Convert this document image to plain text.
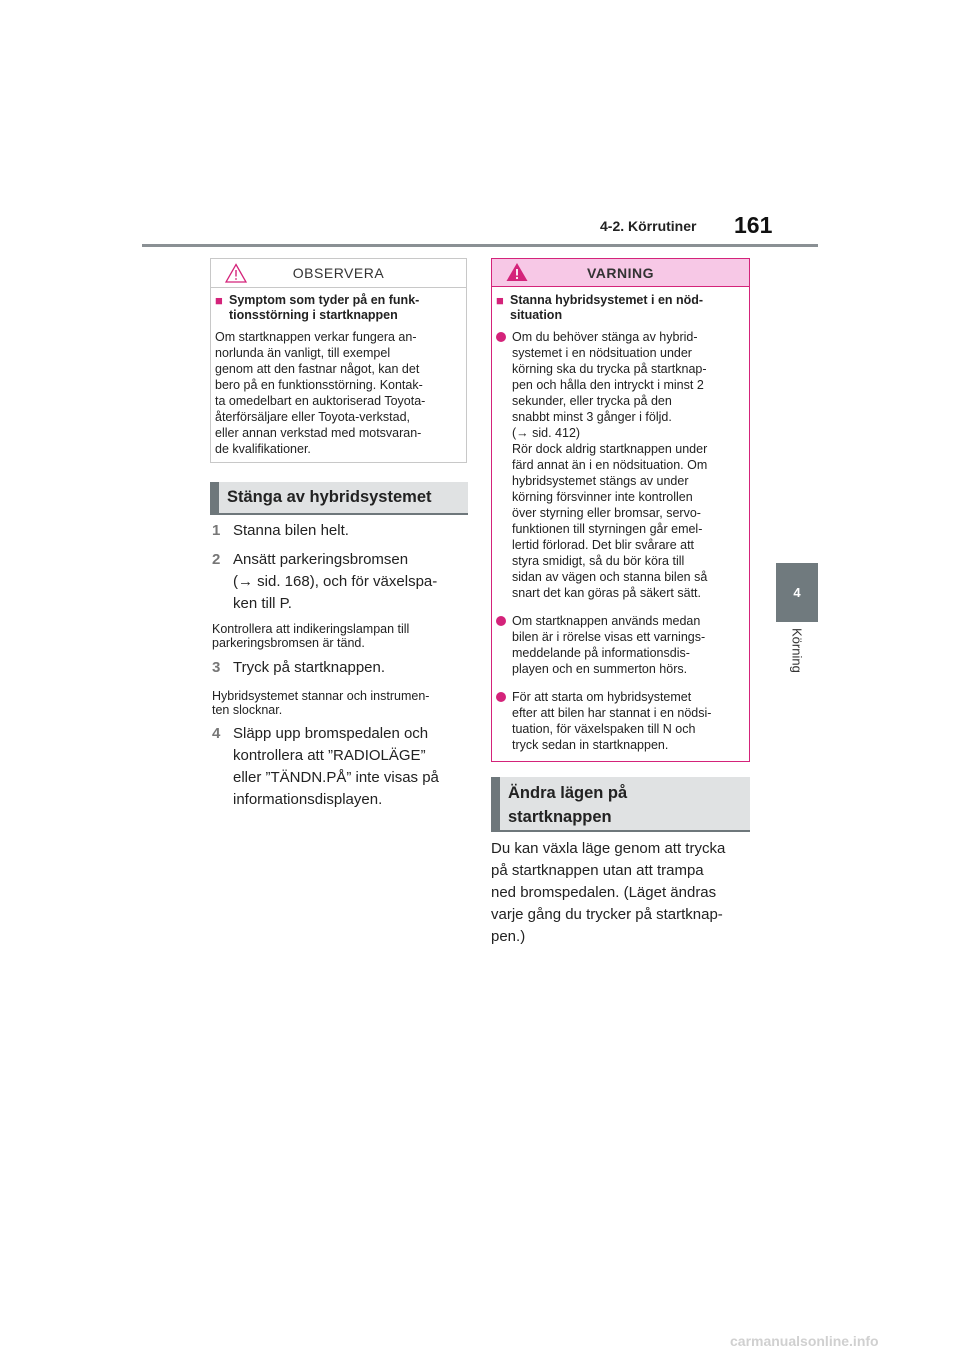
4-2. Körrutiner 161
4
Körning
OBSERVERA
■ Symptom som tyder på en funk-
tionsstörning i startknappen
Om startknappen verkar fungera an-
norlunda än vanligt, till exempel
genom att den fastnar något, kan det
bero på en funktionsstörning. Kontak-
ta omedelbart en auktoriserad Toyota-
återförsäljare eller Toyota-verkstad,
eller annan verkstad med motsvaran-
de kvalifikationer.
Stänga av hybridsystemet
1 Stanna bilen helt.
2 Ansätt parkeringsbromsen
(→ sid. 168), och för växelspa-
ken till P.
Kontrollera att indikeringslampan till
parkeringsbromsen är tänd.
3 Tryck på startknappen.
Hybridsystemet stannar och instrumen-
ten slocknar.
4 Släpp upp bromspedalen och
kontrollera att ”RADIOLÄGE”
eller ”TÄNDN.PÅ” inte visas på
informationsdisplayen.
VARNING
■ Stanna hybridsystemet i en nöd-
situation
Om du behöver stänga av hybrid-
systemet i en nödsituation under
körning ska du trycka på startknap-
pen och hålla den intryckt i minst 2
sekunder, eller trycka på den
snabbt minst 3 gånger i följd.
(→ sid. 412)
Rör dock aldrig startknappen under
färd annat än i en nödsituation. Om
hybridsystemet stängs av under
körning försvinner inte kontrollen
över styrning eller bromsar, servo-
funktionen till styrningen går emel-
lertid förlorad. Det blir svårare att
styra smidigt, så du bör köra till
sidan av vägen och stanna bilen så
snart det kan göras på säkert sätt.
Om startknappen används medan
bilen är i rörelse visas ett varnings-
meddelande på informationsdis-
playen och en summerton hörs.
För att starta om hybridsystemet
efter att bilen har stannat i en nödsi-
tuation, för växelspaken till N och
tryck sedan in startknappen.
Ändra lägen på
startknappen
Du kan växla läge genom att trycka
på startknappen utan att trampa
ned bromspedalen. (Läget ändras
varje gång du trycker på startknap-
pen.)
carmanualsonline.info
